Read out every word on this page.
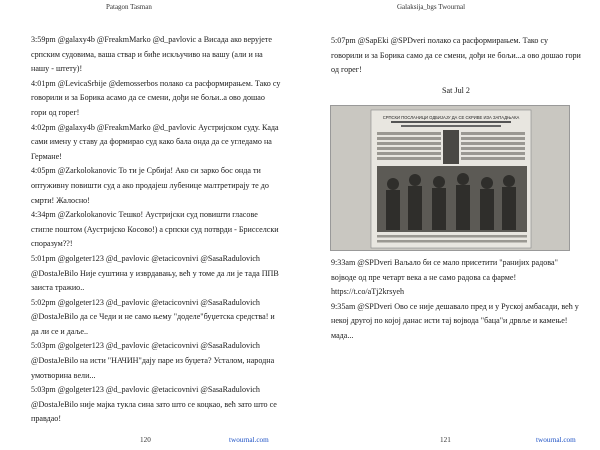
Patagon Tasman

3:59pm @galaxy4b @FreakmMarko @d_pavlovic а Висада ако верујете српским судовима, ваша ствар и биће искључиво на вашу (али и на нашу - штету)!

4:01pm @LevicaSrbije @demosserbos полако са расформирањем. Тако су говорили и за Борика асамо да се смени, дођи не бољи..а ово дошао гори од горег!

4:02pm @galaxy4b @FreakmMarko @d_pavlovic Аустријском суду. Када сами имену у ставу да формирао суд како бала онда да се угледамо на Германе!

4:05pm @Zarkolokanovic То ти је Србија! Ако си зарко бос онда ти оптуживну повишти суд а ако продајеш лубенице малтретирају те до смрти! Жалосно!

4:34pm @Zarkolokanovic Тешко! Аустријски суд повишти гласове стигле поштом (Аустријско Косово!) а српски суд потврди - Брисселски споразум??!

5:01pm @golgeter123 @d_pavlovic @etacicovnivi @SasaRadulovich @DostaJeBilo Није суштина у изврдавању, већ у томе да ли је тада ППВ заиста тражио..

5:02pm @golgeter123 @d_pavlovic @etacicovnivi @SasaRadulovich @DostaJeBilo да се Чеди и не само њему "доделе"буџетска средства! и да ли се и даље..

5:03pm @golgeter123 @d_pavlovic @etacicovnivi @SasaRadulovich @DostaJeBilo на исти "НАЧИН"дају паре из буџета? Усталом, народна умотворина вели...

5:03pm @golgeter123 @d_pavlovic @etacicovnivi @SasaRadulovich @DostaJeBilo није мајка тукла сина зато што се коцкао, већ зато што се правдао!

120	twournal.com
Galaksija_bgs Twournal

5:07pm @SapEki @SPDveri полако са расформирањем. Тако су говорили и за Борика само да се смени, дођи не бољи...а ово дошао гори од горег!

Sat Jul 2

СРПСКИ ПОСЛАНИЦИ ОДБИЈАЈУ ДА СЕ СКРИВЕ ИЗА ЗАПАДЊАКА

9:33am @SPDveri Ваљало би се мало присетити "ранијих радова" војводе од пре четарт века а не само радова са фарме! https://t.co/aTj2krsyeh

9:35am @SPDveri Ово се није дешавало пред и у Руској амбасади, већ у некој другој по којој данас исти тај војвода "баца"и дрвље и камење! мада...

121	twournal.com
